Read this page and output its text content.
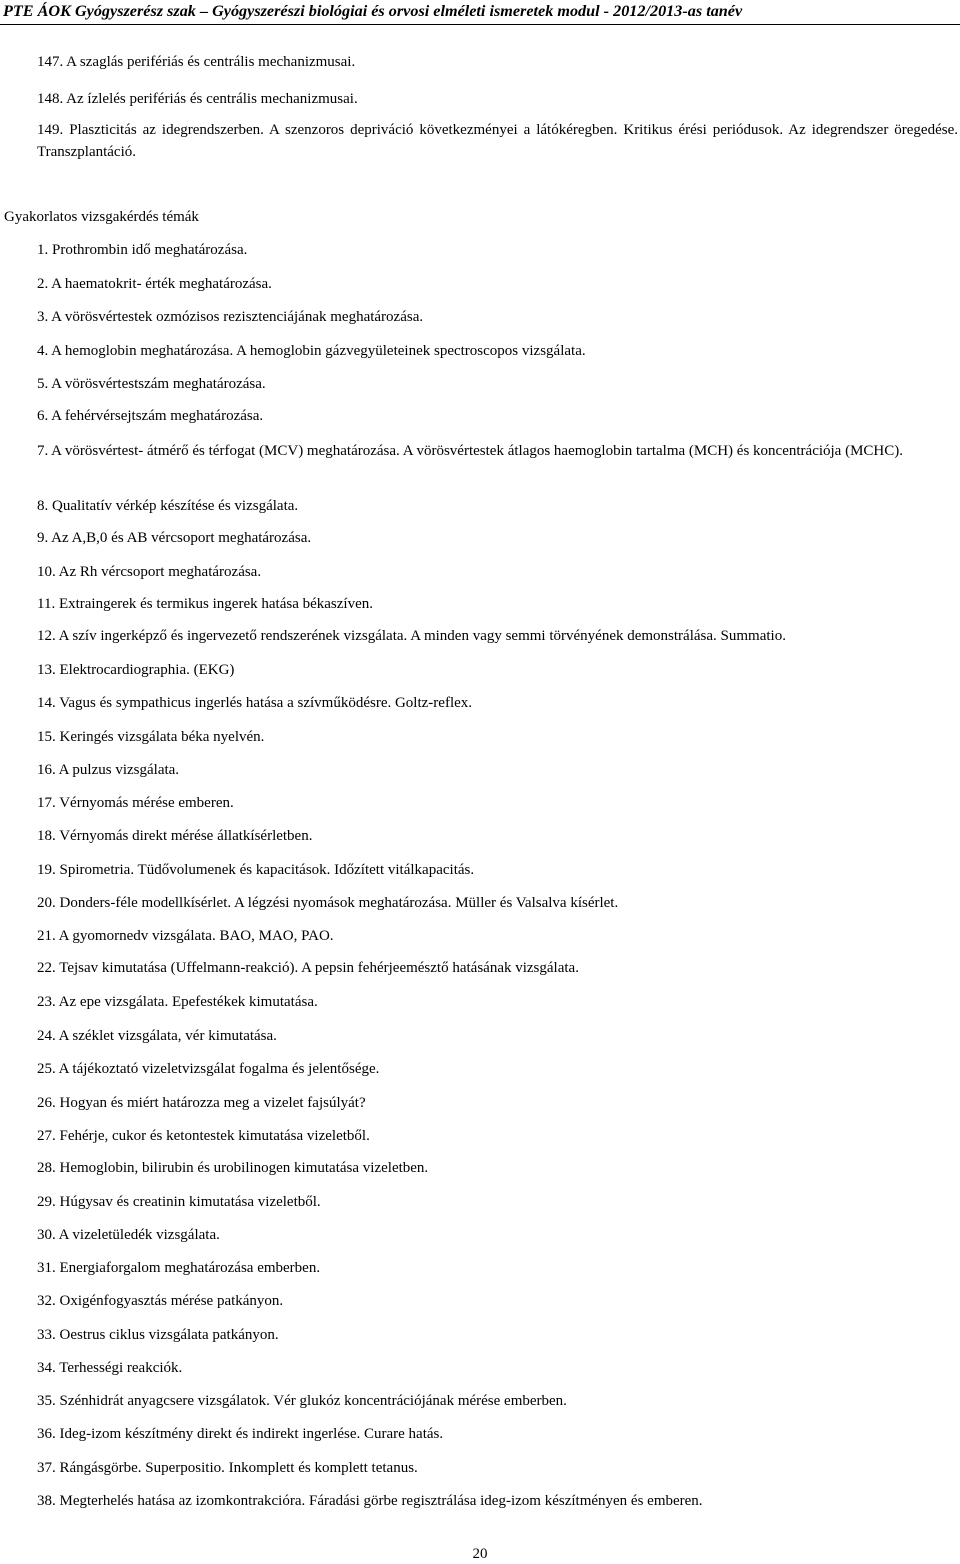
PTE ÁOK Gyógyszerész szak – Gyógyszerészi biológiai és orvosi elméleti ismeretek modul - 2012/2013-as tanév
147. A szaglás perifériás és centrális mechanizmusai.
148. Az ízlelés perifériás és centrális mechanizmusai.
149. Plaszticitás az idegrendszerben. A szenzoros depriváció következményei a látókéregben. Kritikus érési periódusok. Az idegrendszer öregedése. Transzplantáció.
Gyakorlatos vizsgakérdés témák
1. Prothrombin idő meghatározása.
2. A haematokrit- érték meghatározása.
3. A vörösvértestek ozmózisos rezisztenciájának meghatározása.
4. A hemoglobin meghatározása. A hemoglobin gázvegyületeinek spectroscopos vizsgálata.
5. A vörösvértestszám meghatározása.
6. A fehérvérsejtszám meghatározása.
7. A vörösvértest- átmérő és térfogat (MCV) meghatározása. A vörösvértestek átlagos haemoglobin tartalma (MCH) és koncentrációja (MCHC).
8. Qualitatív vérkép készítése és vizsgálata.
9. Az A,B,0 és AB vércsoport meghatározása.
10. Az Rh vércsoport meghatározása.
11. Extraingerek és termikus ingerek hatása békaszíven.
12. A szív ingerképző és ingervezető rendszerének vizsgálata. A minden vagy semmi törvényének demonstrálása. Summatio.
13. Elektrocardiographia. (EKG)
14. Vagus és sympathicus ingerlés hatása a szívműködésre. Goltz-reflex.
15. Keringés vizsgálata béka nyelvén.
16. A pulzus vizsgálata.
17. Vérnyomás mérése emberen.
18. Vérnyomás direkt mérése állatkísérletben.
19. Spirometria. Tüdővolumenek és kapacitások. Időzített vitálkapacitás.
20. Donders-féle modellkísérlet. A légzési nyomások meghatározása. Müller és Valsalva kísérlet.
21. A gyomornedv vizsgálata. BAO, MAO, PAO.
22. Tejsav kimutatása (Uffelmann-reakció). A pepsin fehérjeemésztő hatásának vizsgálata.
23. Az epe vizsgálata. Epefestékek kimutatása.
24. A széklet vizsgálata, vér kimutatása.
25. A tájékoztató vizeletvizsgálat fogalma és jelentősége.
26. Hogyan és miért határozza meg a vizelet fajsúlyát?
27. Fehérje, cukor és ketontestek kimutatása vizeletből.
28. Hemoglobin, bilirubin és urobilinogen kimutatása vizeletben.
29. Húgysav és creatinin kimutatása vizeletből.
30. A vizeletüledék vizsgálata.
31. Energiaforgalom meghatározása emberben.
32. Oxigénfogyasztás mérése patkányon.
33. Oestrus ciklus vizsgálata patkányon.
34. Terhességi reakciók.
35. Szénhidrát anyagcsere vizsgálatok. Vér glukóz koncentrációjának mérése emberben.
36. Ideg-izom készítmény direkt és indirekt ingerlése. Curare hatás.
37. Rángásgörbe. Superpositio. Inkomplett és komplett tetanus.
38. Megterhelés hatása az izomkontrakcióra. Fáradási görbe regisztrálása ideg-izom készítményen és emberen.
20
